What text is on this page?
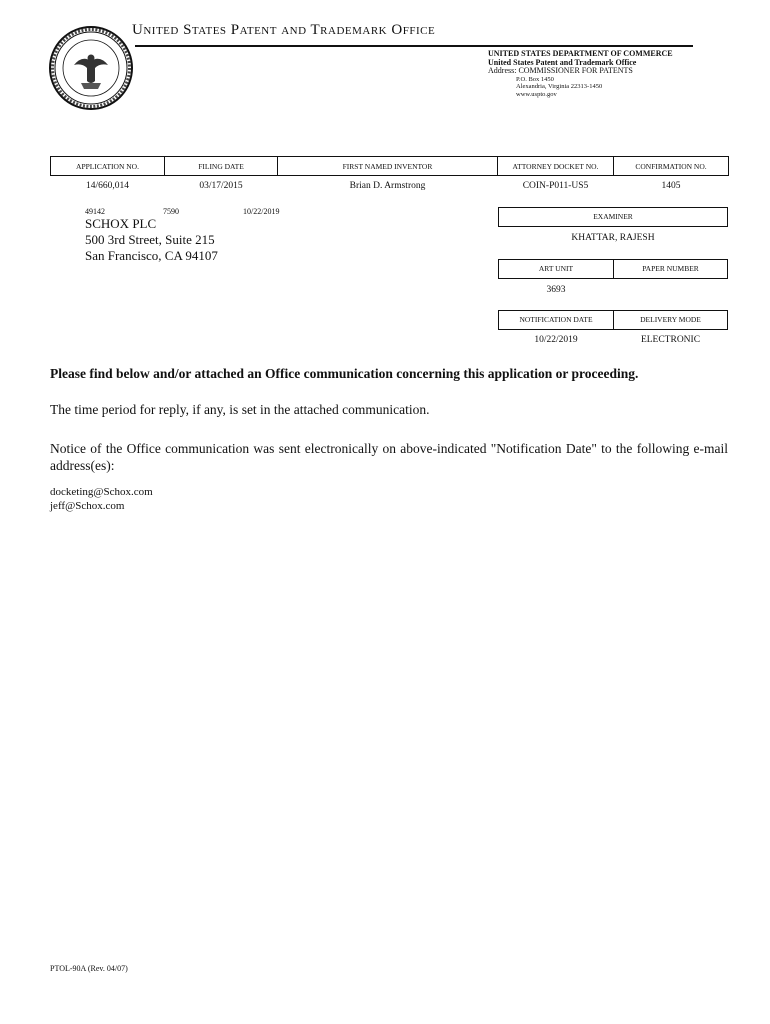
United States Patent and Trademark Office
UNITED STATES DEPARTMENT OF COMMERCE
United States Patent and Trademark Office
Address: COMMISSIONER FOR PATENTS
P.O. Box 1450
Alexandria, Virginia 22313-1450
www.uspto.gov
APPLICATION NO.	FILING DATE	FIRST NAMED INVENTOR	ATTORNEY DOCKET NO.	CONFIRMATION NO.
14/660,014	03/17/2015	Brian D. Armstrong	COIN-P011-US5	1405
49142	7590	10/22/2019
SCHOX PLC
500 3rd Street, Suite 215
San Francisco, CA 94107
EXAMINER
KHATTAR, RAJESH
ART UNIT	PAPER NUMBER
3693
NOTIFICATION DATE	DELIVERY MODE
10/22/2019	ELECTRONIC
Please find below and/or attached an Office communication concerning this application or proceeding.
The time period for reply, if any, is set in the attached communication.
Notice of the Office communication was sent electronically on above-indicated "Notification Date" to the following e-mail address(es):
docketing@Schox.com
jeff@Schox.com
PTOL-90A (Rev. 04/07)
